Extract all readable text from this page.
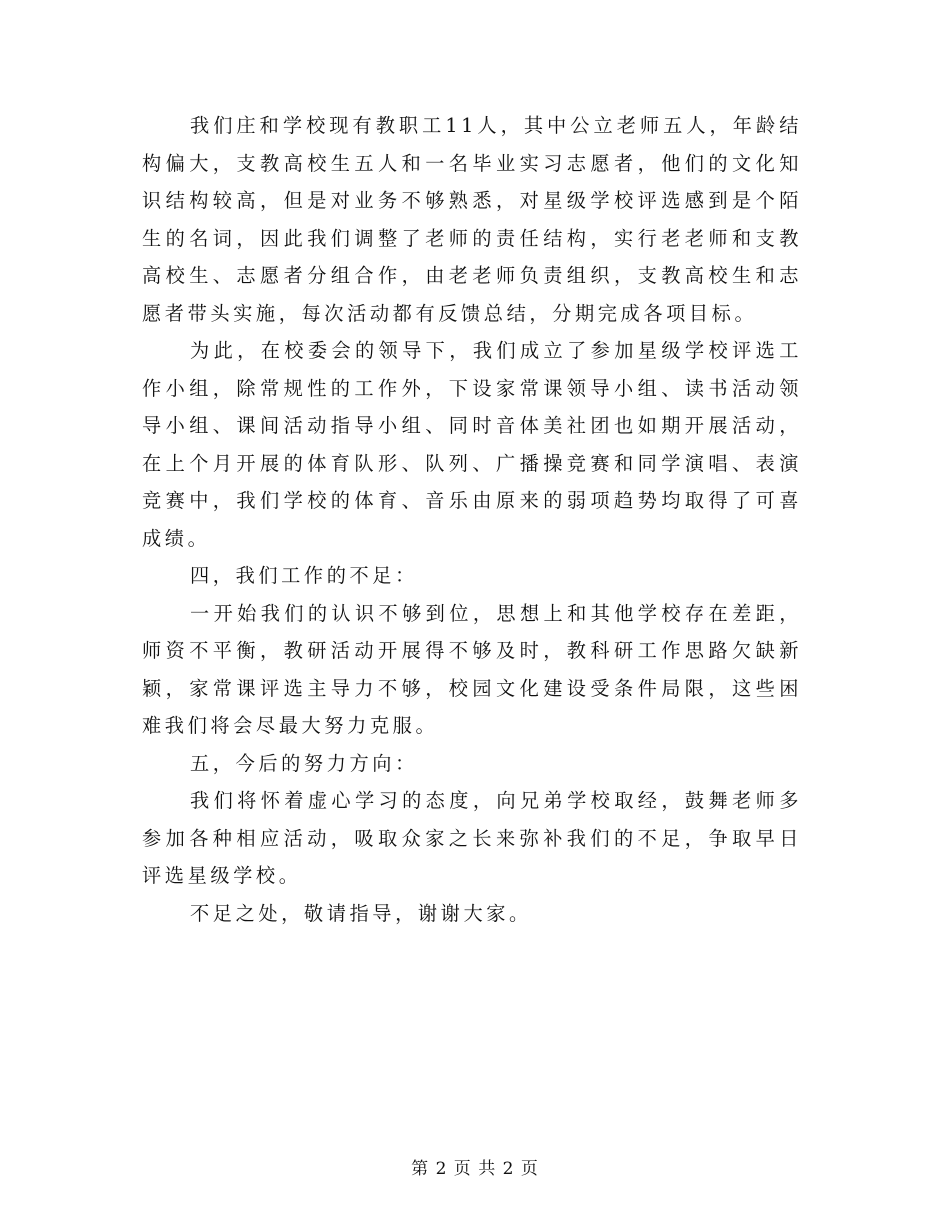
我们庄和学校现有教职工11人，其中公立老师五人，年龄结构偏大，支教高校生五人和一名毕业实习志愿者，他们的文化知识结构较高，但是对业务不够熟悉，对星级学校评选感到是个陌生的名词，因此我们调整了老师的责任结构，实行老老师和支教高校生、志愿者分组合作，由老老师负责组织，支教高校生和志愿者带头实施，每次活动都有反馈总结，分期完成各项目标。

为此，在校委会的领导下，我们成立了参加星级学校评选工作小组，除常规性的工作外，下设家常课领导小组、读书活动领导小组、课间活动指导小组、同时音体美社团也如期开展活动，在上个月开展的体育队形、队列、广播操竞赛和同学演唱、表演竞赛中，我们学校的体育、音乐由原来的弱项趋势均取得了可喜成绩。

四，我们工作的不足：

一开始我们的认识不够到位，思想上和其他学校存在差距，师资不平衡，教研活动开展得不够及时，教科研工作思路欠缺新颖，家常课评选主导力不够，校园文化建设受条件局限，这些困难我们将会尽最大努力克服。

五，今后的努力方向：

我们将怀着虚心学习的态度，向兄弟学校取经，鼓舞老师多参加各种相应活动，吸取众家之长来弥补我们的不足，争取早日评选星级学校。

不足之处，敬请指导，谢谢大家。

第 2 页 共 2 页
